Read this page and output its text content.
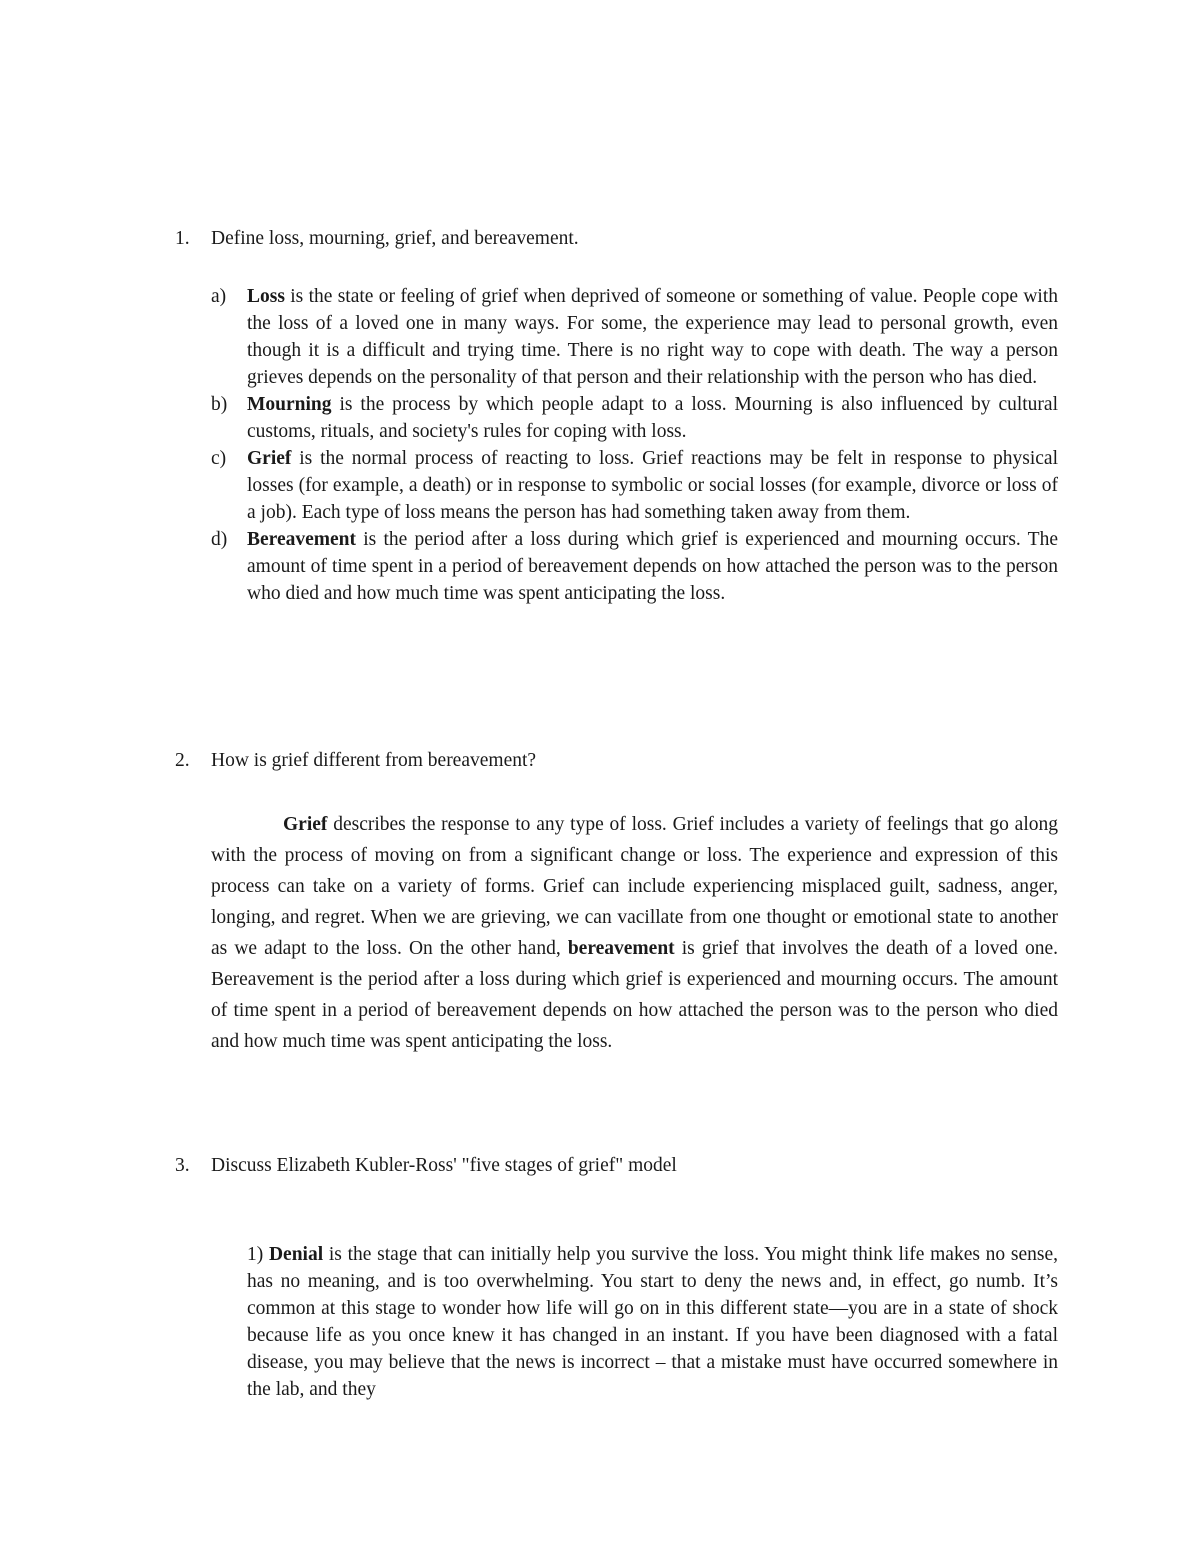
1. Define loss, mourning, grief, and bereavement.
a) Loss is the state or feeling of grief when deprived of someone or something of value. People cope with the loss of a loved one in many ways. For some, the experience may lead to personal growth, even though it is a difficult and trying time. There is no right way to cope with death. The way a person grieves depends on the personality of that person and their relationship with the person who has died.
b) Mourning is the process by which people adapt to a loss. Mourning is also influenced by cultural customs, rituals, and society's rules for coping with loss.
c) Grief is the normal process of reacting to loss. Grief reactions may be felt in response to physical losses (for example, a death) or in response to symbolic or social losses (for example, divorce or loss of a job). Each type of loss means the person has had something taken away from them.
d) Bereavement is the period after a loss during which grief is experienced and mourning occurs. The amount of time spent in a period of bereavement depends on how attached the person was to the person who died and how much time was spent anticipating the loss.
2. How is grief different from bereavement?

Grief describes the response to any type of loss. Grief includes a variety of feelings that go along with the process of moving on from a significant change or loss. The experience and expression of this process can take on a variety of forms. Grief can include experiencing misplaced guilt, sadness, anger, longing, and regret. When we are grieving, we can vacillate from one thought or emotional state to another as we adapt to the loss. On the other hand, bereavement is grief that involves the death of a loved one. Bereavement is the period after a loss during which grief is experienced and mourning occurs. The amount of time spent in a period of bereavement depends on how attached the person was to the person who died and how much time was spent anticipating the loss.

3. Discuss Elizabeth Kubler-Ross' "five stages of grief" model

1) Denial is the stage that can initially help you survive the loss. You might think life makes no sense, has no meaning, and is too overwhelming. You start to deny the news and, in effect, go numb. It’s common at this stage to wonder how life will go on in this different state—you are in a state of shock because life as you once knew it has changed in an instant. If you have been diagnosed with a fatal disease, you may believe that the news is incorrect – that a mistake must have occurred somewhere in the lab, and they
